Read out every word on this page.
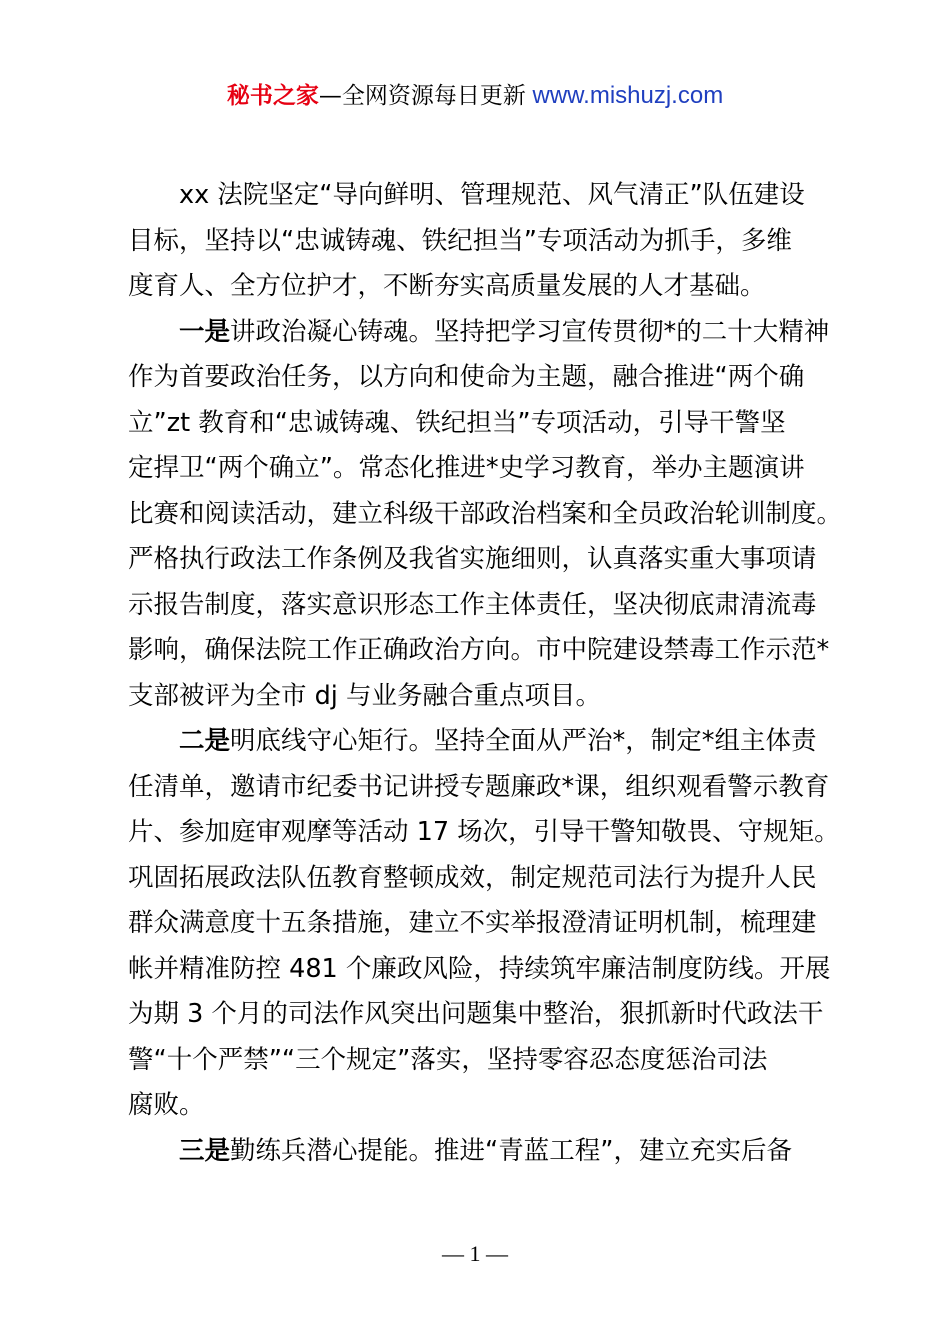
秘书之家—全网资源每日更新 www.mishuzj.com
xx 法院坚定“导向鲜明、管理规范、风气清正”队伍建设
目标，坚持以“忠诚铸魂、铁纪担当”专项活动为抓手，多维
度育人、全方位护才，不断夯实高质量发展的人才基础。
一是讲政治凝心铸魂。坚持把学习宣传贯彻*的二十大精神
作为首要政治任务，以方向和使命为主题，融合推进“两个确
立”zt 教育和“忠诚铸魂、铁纪担当”专项活动，引导干警坚
定捍卫“两个确立”。常态化推进*史学习教育，举办主题演讲
比赛和阅读活动，建立科级干部政治档案和全员政治轮训制度。
严格执行政法工作条例及我省实施细则，认真落实重大事项请
示报告制度，落实意识形态工作主体责任，坚决彻底肃清流毒
影响，确保法院工作正确政治方向。市中院建设禁毒工作示范*
支部被评为全市 dj 与业务融合重点项目。
二是明底线守心矩行。坚持全面从严治*，制定*组主体责
任清单，邀请市纪委书记讲授专题廉政*课，组织观看警示教育
片、参加庭审观摩等活动 17 场次，引导干警知敬畏、守规矩。
巩固拓展政法队伍教育整顿成效，制定规范司法行为提升人民
群众满意度十五条措施，建立不实举报澄清证明机制，梳理建
帐并精准防控 481 个廉政风险，持续筑牢廉洁制度防线。开展
为期 3 个月的司法作风突出问题集中整治，狠抓新时代政法干
警“十个严禁”“三个规定”落实，坚持零容忍态度惩治司法
腐败。
三是勤练兵潜心提能。推进“青蓝工程”，建立充实后备
— 1 —
